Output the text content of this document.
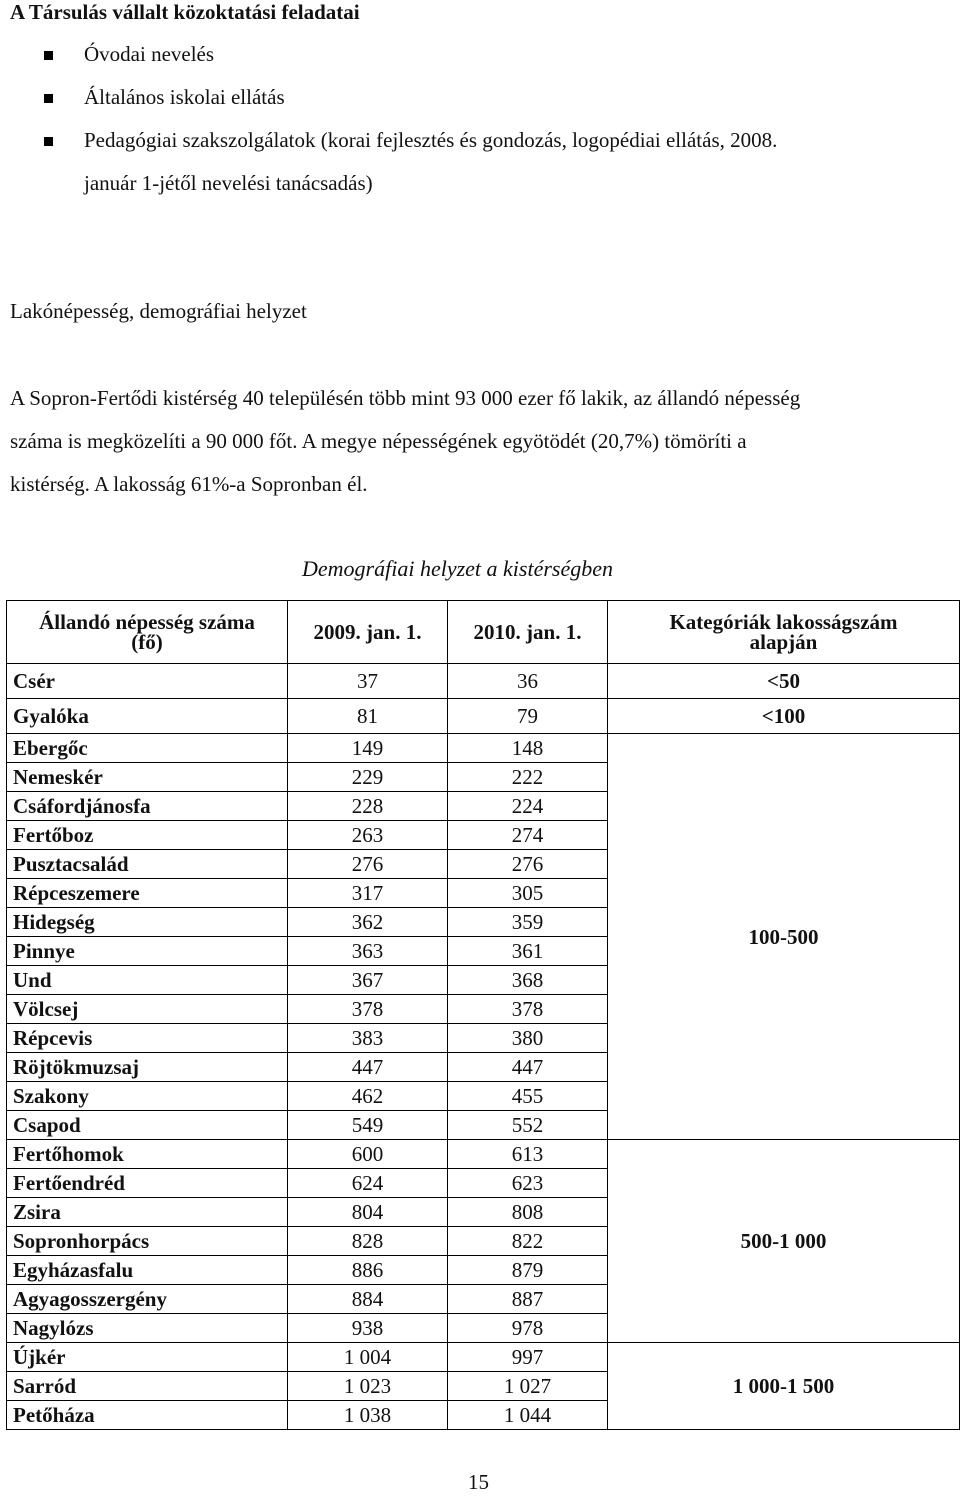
A Társulás vállalt közoktatási feladatai
Óvodai nevelés
Általános iskolai ellátás
Pedagógiai szakszolgálatok (korai fejlesztés és gondozás, logopédiai ellátás, 2008.
január 1-jétől nevelési tanácsadás)
Lakónépesség, demográfiai helyzet
A Sopron-Fertődi kistérség 40 településén több mint 93 000 ezer fő lakik, az állandó népesség
száma is megközelíti a 90 000 főt. A megye népességének egyötödét (20,7%) tömöríti a
kistérség. A lakosság 61%-a Sopronban él.
Demográfiai helyzet a kistérségben
Állandó népesség száma
(fő)	2009. jan. 1.	2010. jan. 1.	Kategóriák lakosságszám
alapján

Csér	37	36	<50
Gyalóka	81	79	<100
Ebergőc	149	148	100-500
Nemeskér	229	222	
Csáfordjánosfa	228	224	
Fertőboz	263	274	
Pusztacsalád	276	276	
Répceszemere	317	305	
Hidegség	362	359	
Pinnye	363	361	
Und	367	368	
Völcsej	378	378	
Répcevis	383	380	
Röjtökmuzsaj	447	447	
Szakony	462	455	
Csapod	549	552	
Fertőhomok	600	613	500-1 000
Fertőendréd	624	623	
Zsira	804	808	
Sopronhorpács	828	822	
Egyházasfalu	886	879	
Agyagosszergény	884	887	
Nagylózs	938	978	
Újkér	1 004	997	1 000-1 500
Sarród	1 023	1 027	
Petőháza	1 038	1 044	
15
